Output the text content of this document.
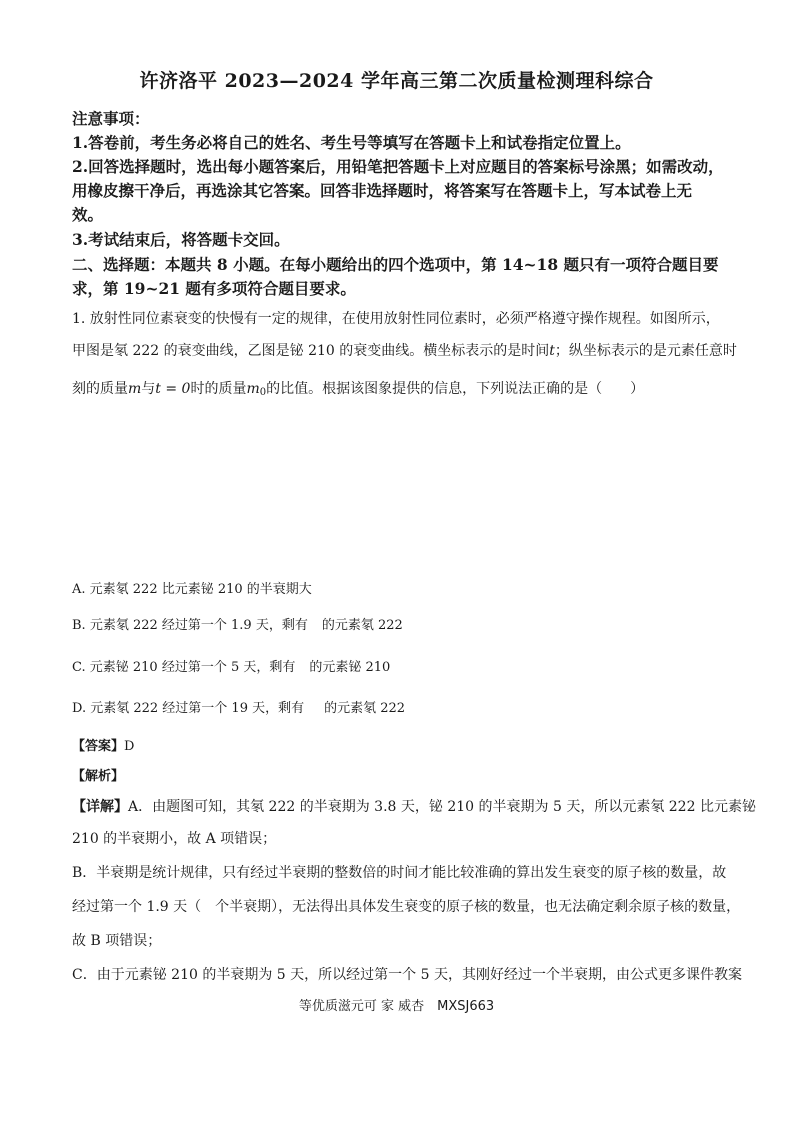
许济洛平 2023—2024 学年高三第二次质量检测理科综合
注意事项：
1.答卷前，考生务必将自己的姓名、考生号等填写在答题卡上和试卷指定位置上。
2.回答选择题时，选出每小题答案后，用铅笔把答题卡上对应题目的答案标号涂黑；如需改动，
用橡皮擦干净后，再选涂其它答案。回答非选择题时，将答案写在答题卡上，写本试卷上无
效。
3.考试结束后，将答题卡交回。
二、选择题：本题共 8 小题。在每小题给出的四个选项中，第 14~18 题只有一项符合题目要
求，第 19~21 题有多项符合题目要求。
1. 放射性同位素衰变的快慢有一定的规律，在使用放射性同位素时，必须严格遵守操作规程。如图所示，
甲图是氡 222 的衰变曲线，乙图是铋 210 的衰变曲线。横坐标表示的是时间t；纵坐标表示的是元素任意时
刻的质量m与t = 0时的质量$m_0$的比值。根据该图象提供的信息，下列说法正确的是（　　）
A. 元素氡 222 比元素铋 210 的半衰期大
B. 元素氡 222 经过第一个 1.9 天，剩有 的元素氡 222
C. 元素铋 210 经过第一个 5 天，剩有 的元素铋 210
D. 元素氡 222 经过第一个 19 天，剩有 的元素氡 222
【答案】D
【解析】
【详解】A．由题图可知，其氡 222 的半衰期为 3.8 天，铋 210 的半衰期为 5 天，所以元素氡 222 比元素铋
210 的半衰期小，故 A 项错误；
B．半衰期是统计规律，只有经过半衰期的整数倍的时间才能比较准确的算出发生衰变的原子核的数量，故
经过第一个 1.9 天（ 个半衰期），无法得出具体发生衰变的原子核的数量，也无法确定剩余原子核的数量，
故 B 项错误；
C．由于元素铋 210 的半衰期为 5 天，所以经过第一个 5 天，其刚好经过一个半衰期，由公式更多课件教案
等优质滋元可 家 威杏　MXSJ663
